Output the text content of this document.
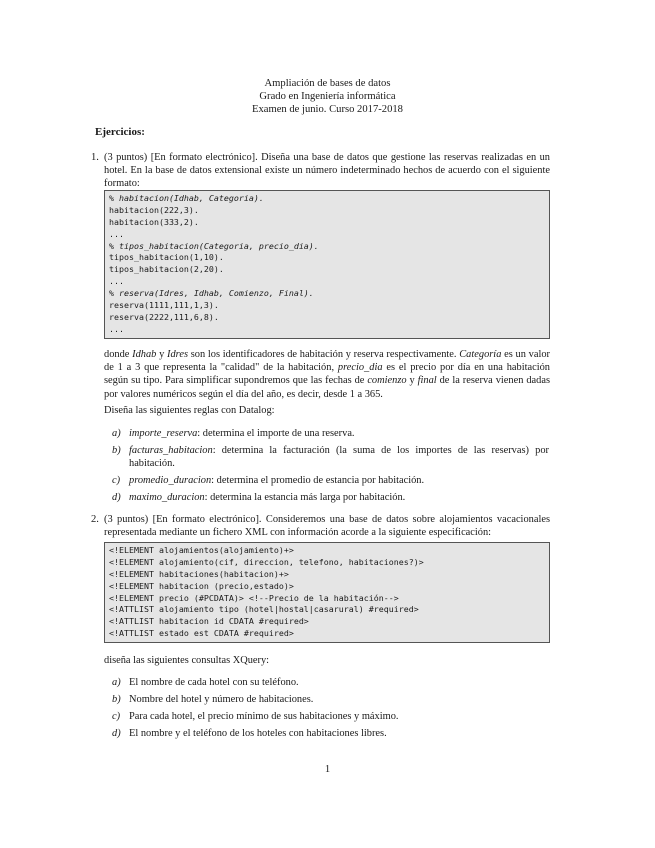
Ampliación de bases de datos
Grado en Ingeniería informática
Examen de junio. Curso 2017-2018
Ejercicios:
1. (3 puntos) [En formato electrónico]. Diseña una base de datos que gestione las reservas realizadas en un hotel. En la base de datos extensional existe un número indeterminado hechos de acuerdo con el siguiente formato:
% habitacion(Idhab, Categoria).
habitacion(222,3).
habitacion(333,2).
...
% tipos_habitacion(Categoria, precio_dia).
tipos_habitacion(1,10).
tipos_habitacion(2,20).
...
% reserva(Idres, Idhab, Comienzo, Final).
reserva(1111,111,1,3).
reserva(2222,111,6,8).
...
donde Idhab y Idres son los identificadores de habitación y reserva respectivamente. Categoría es un valor de 1 a 3 que representa la "calidad" de la habitación, precio_dia es el precio por día en una habitación según su tipo. Para simplificar supondremos que las fechas de comienzo y final de la reserva vienen dadas por valores numéricos según el día del año, es decir, desde 1 a 365.
Diseña las siguientes reglas con Datalog:
a) importe_reserva: determina el importe de una reserva.
b) facturas_habitacion: determina la facturación (la suma de los importes de las reservas) por habitación.
c) promedio_duracion: determina el promedio de estancia por habitación.
d) maximo_duracion: determina la estancia más larga por habitación.
2. (3 puntos) [En formato electrónico]. Consideremos una base de datos sobre alojamientos vacacionales representada mediante un fichero XML con información acorde a la siguiente especificación:
<!ELEMENT alojamientos(alojamiento)+>
<!ELEMENT alojamiento(cif, direccion, telefono, habitaciones?)>
<!ELEMENT habitaciones(habitacion)+>
<!ELEMENT habitacion (precio,estado)>
<!ELEMENT precio (#PCDATA)> <!--Precio de la habitación-->
<!ATTLIST alojamiento tipo (hotel|hostal|casarural) #required>
<!ATTLIST habitacion id CDATA #required>
<!ATTLIST estado est CDATA #required>
diseña las siguientes consultas XQuery:
a) El nombre de cada hotel con su teléfono.
b) Nombre del hotel y número de habitaciones.
c) Para cada hotel, el precio mínimo de sus habitaciones y máximo.
d) El nombre y el teléfono de los hoteles con habitaciones libres.
1
